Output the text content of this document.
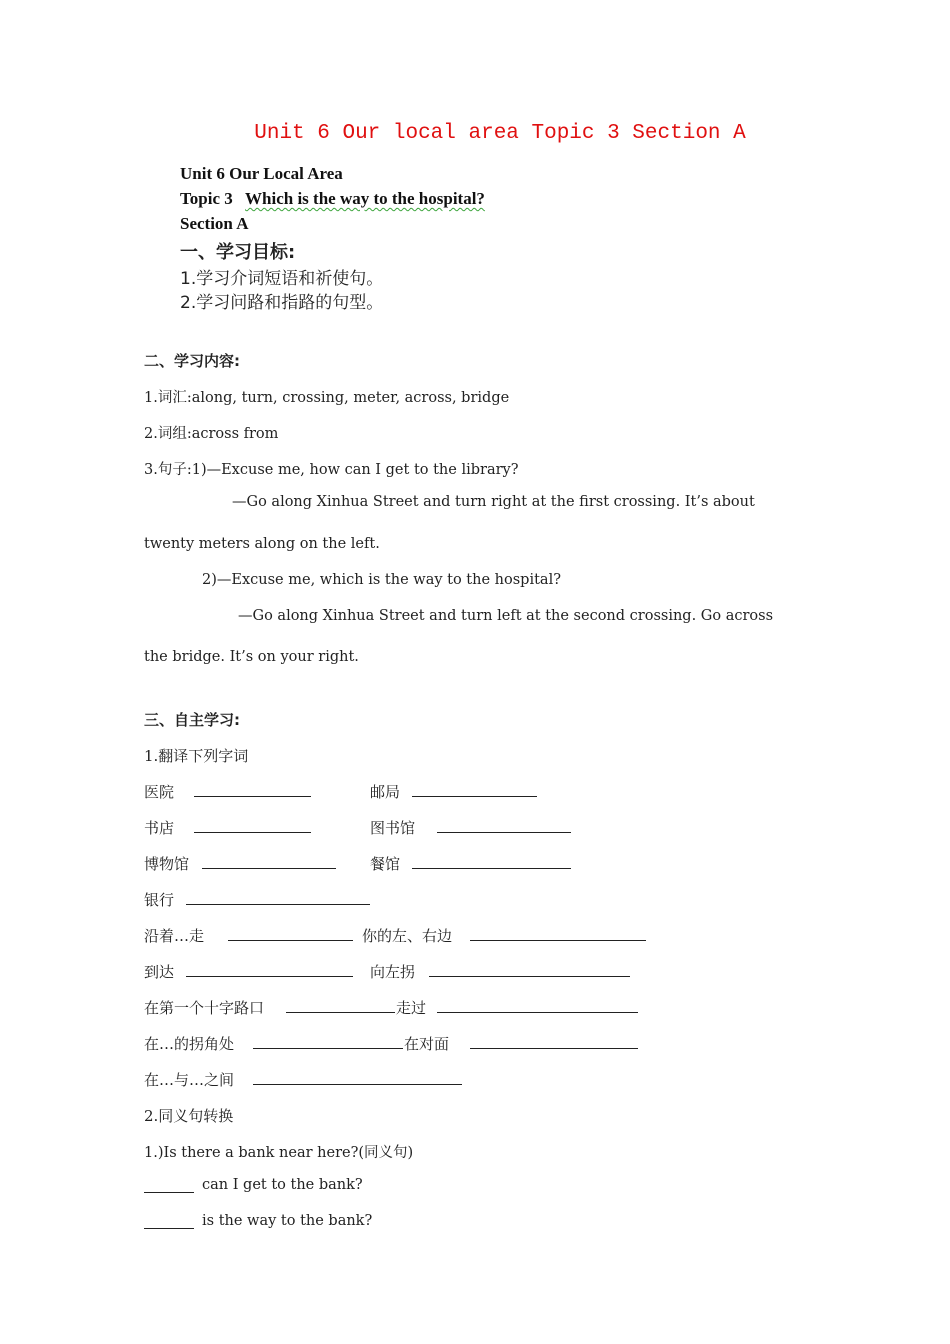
Unit 6 Our local area Topic 3 Section A
Unit 6 Our Local Area
Topic 3 Which is the way to the hospital?
Section A
一、学习目标:
1.学习介词短语和祈使句。
2.学习问路和指路的句型。
二、学习内容:
1.词汇:along, turn, crossing, meter, across, bridge
2.词组:across from
3.句子:1)—Excuse me, how can I get to the library?
—Go along Xinhua Street and turn right at the first crossing. It’s about
twenty meters along on the left.
2)—Excuse me, which is the way to the hospital?
—Go along Xinhua Street and turn left at the second crossing. Go across
the bridge. It’s on your right.
三、自主学习:
1.翻译下列字词
医院	邮局
书店	图书馆
博物馆	餐馆
银行
沿着…走	你的左、右边
到达	向左拐
在第一个十字路口	走过
在…的拐角处	在对面
在…与…之间
2.同义句转换
1.)Is there a bank near here?(同义句)
can I get to the bank?
is the way to the bank?
